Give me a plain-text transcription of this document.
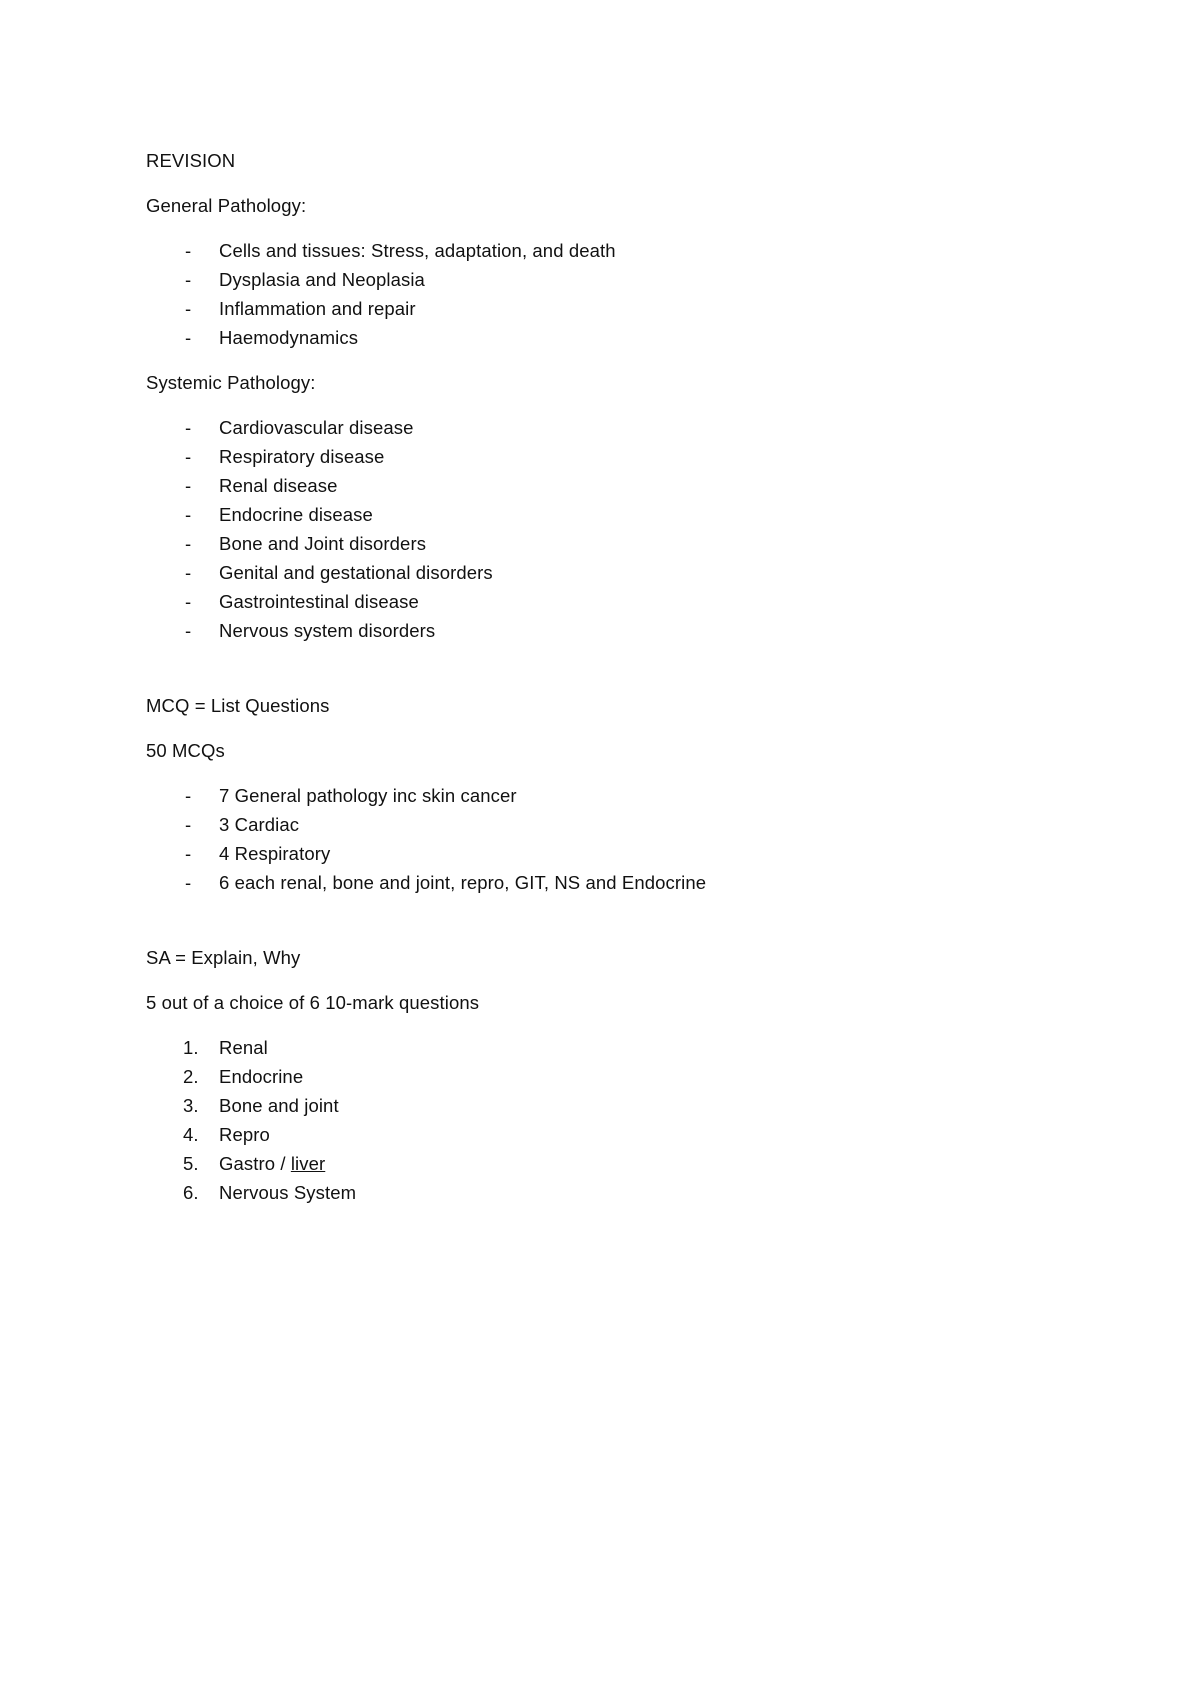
REVISION
General Pathology:
- Cells and tissues: Stress, adaptation, and death
- Dysplasia and Neoplasia
- Inflammation and repair
- Haemodynamics
Systemic Pathology:
- Cardiovascular disease
- Respiratory disease
- Renal disease
- Endocrine disease
- Bone and Joint disorders
- Genital and gestational disorders
- Gastrointestinal disease
- Nervous system disorders
MCQ = List Questions
50 MCQs
- 7 General pathology inc skin cancer
- 3 Cardiac
- 4 Respiratory
- 6 each renal, bone and joint, repro, GIT, NS and Endocrine
SA = Explain, Why
5 out of a choice of 6 10-mark questions
1. Renal
2. Endocrine
3. Bone and joint
4. Repro
5. Gastro / liver
6. Nervous System
